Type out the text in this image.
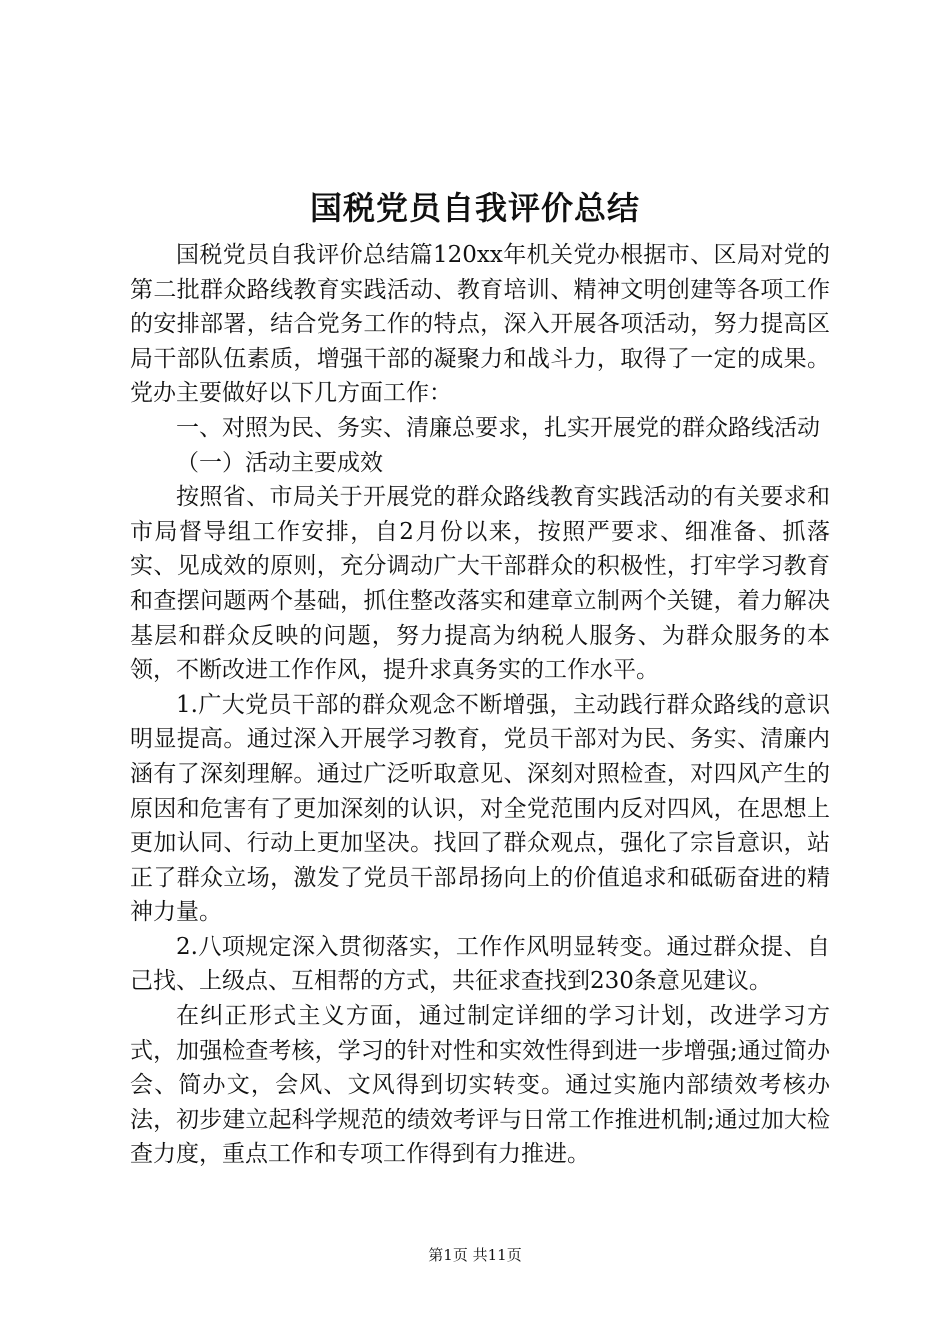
国税党员自我评价总结

国税党员自我评价总结篇120xx年机关党办根据市、区局对党的第二批群众路线教育实践活动、教育培训、精神文明创建等各项工作的安排部署，结合党务工作的特点，深入开展各项活动，努力提高区局干部队伍素质，增强干部的凝聚力和战斗力，取得了一定的成果。党办主要做好以下几方面工作：

一、对照为民、务实、清廉总要求，扎实开展党的群众路线活动

（一）活动主要成效

按照省、市局关于开展党的群众路线教育实践活动的有关要求和市局督导组工作安排，自2月份以来，按照严要求、细准备、抓落实、见成效的原则，充分调动广大干部群众的积极性，打牢学习教育和查摆问题两个基础，抓住整改落实和建章立制两个关键，着力解决基层和群众反映的问题，努力提高为纳税人服务、为群众服务的本领，不断改进工作作风，提升求真务实的工作水平。

1.广大党员干部的群众观念不断增强，主动践行群众路线的意识明显提高。通过深入开展学习教育，党员干部对为民、务实、清廉内涵有了深刻理解。通过广泛听取意见、深刻对照检查，对四风产生的原因和危害有了更加深刻的认识，对全党范围内反对四风，在思想上更加认同、行动上更加坚决。找回了群众观点，强化了宗旨意识，站正了群众立场，激发了党员干部昂扬向上的价值追求和砥砺奋进的精神力量。

2.八项规定深入贯彻落实，工作作风明显转变。通过群众提、自己找、上级点、互相帮的方式，共征求查找到230条意见建议。

在纠正形式主义方面，通过制定详细的学习计划，改进学习方式，加强检查考核，学习的针对性和实效性得到进一步增强;通过简办会、简办文，会风、文风得到切实转变。通过实施内部绩效考核办法，初步建立起科学规范的绩效考评与日常工作推进机制;通过加大检查力度，重点工作和专项工作得到有力推进。

第1页 共11页
